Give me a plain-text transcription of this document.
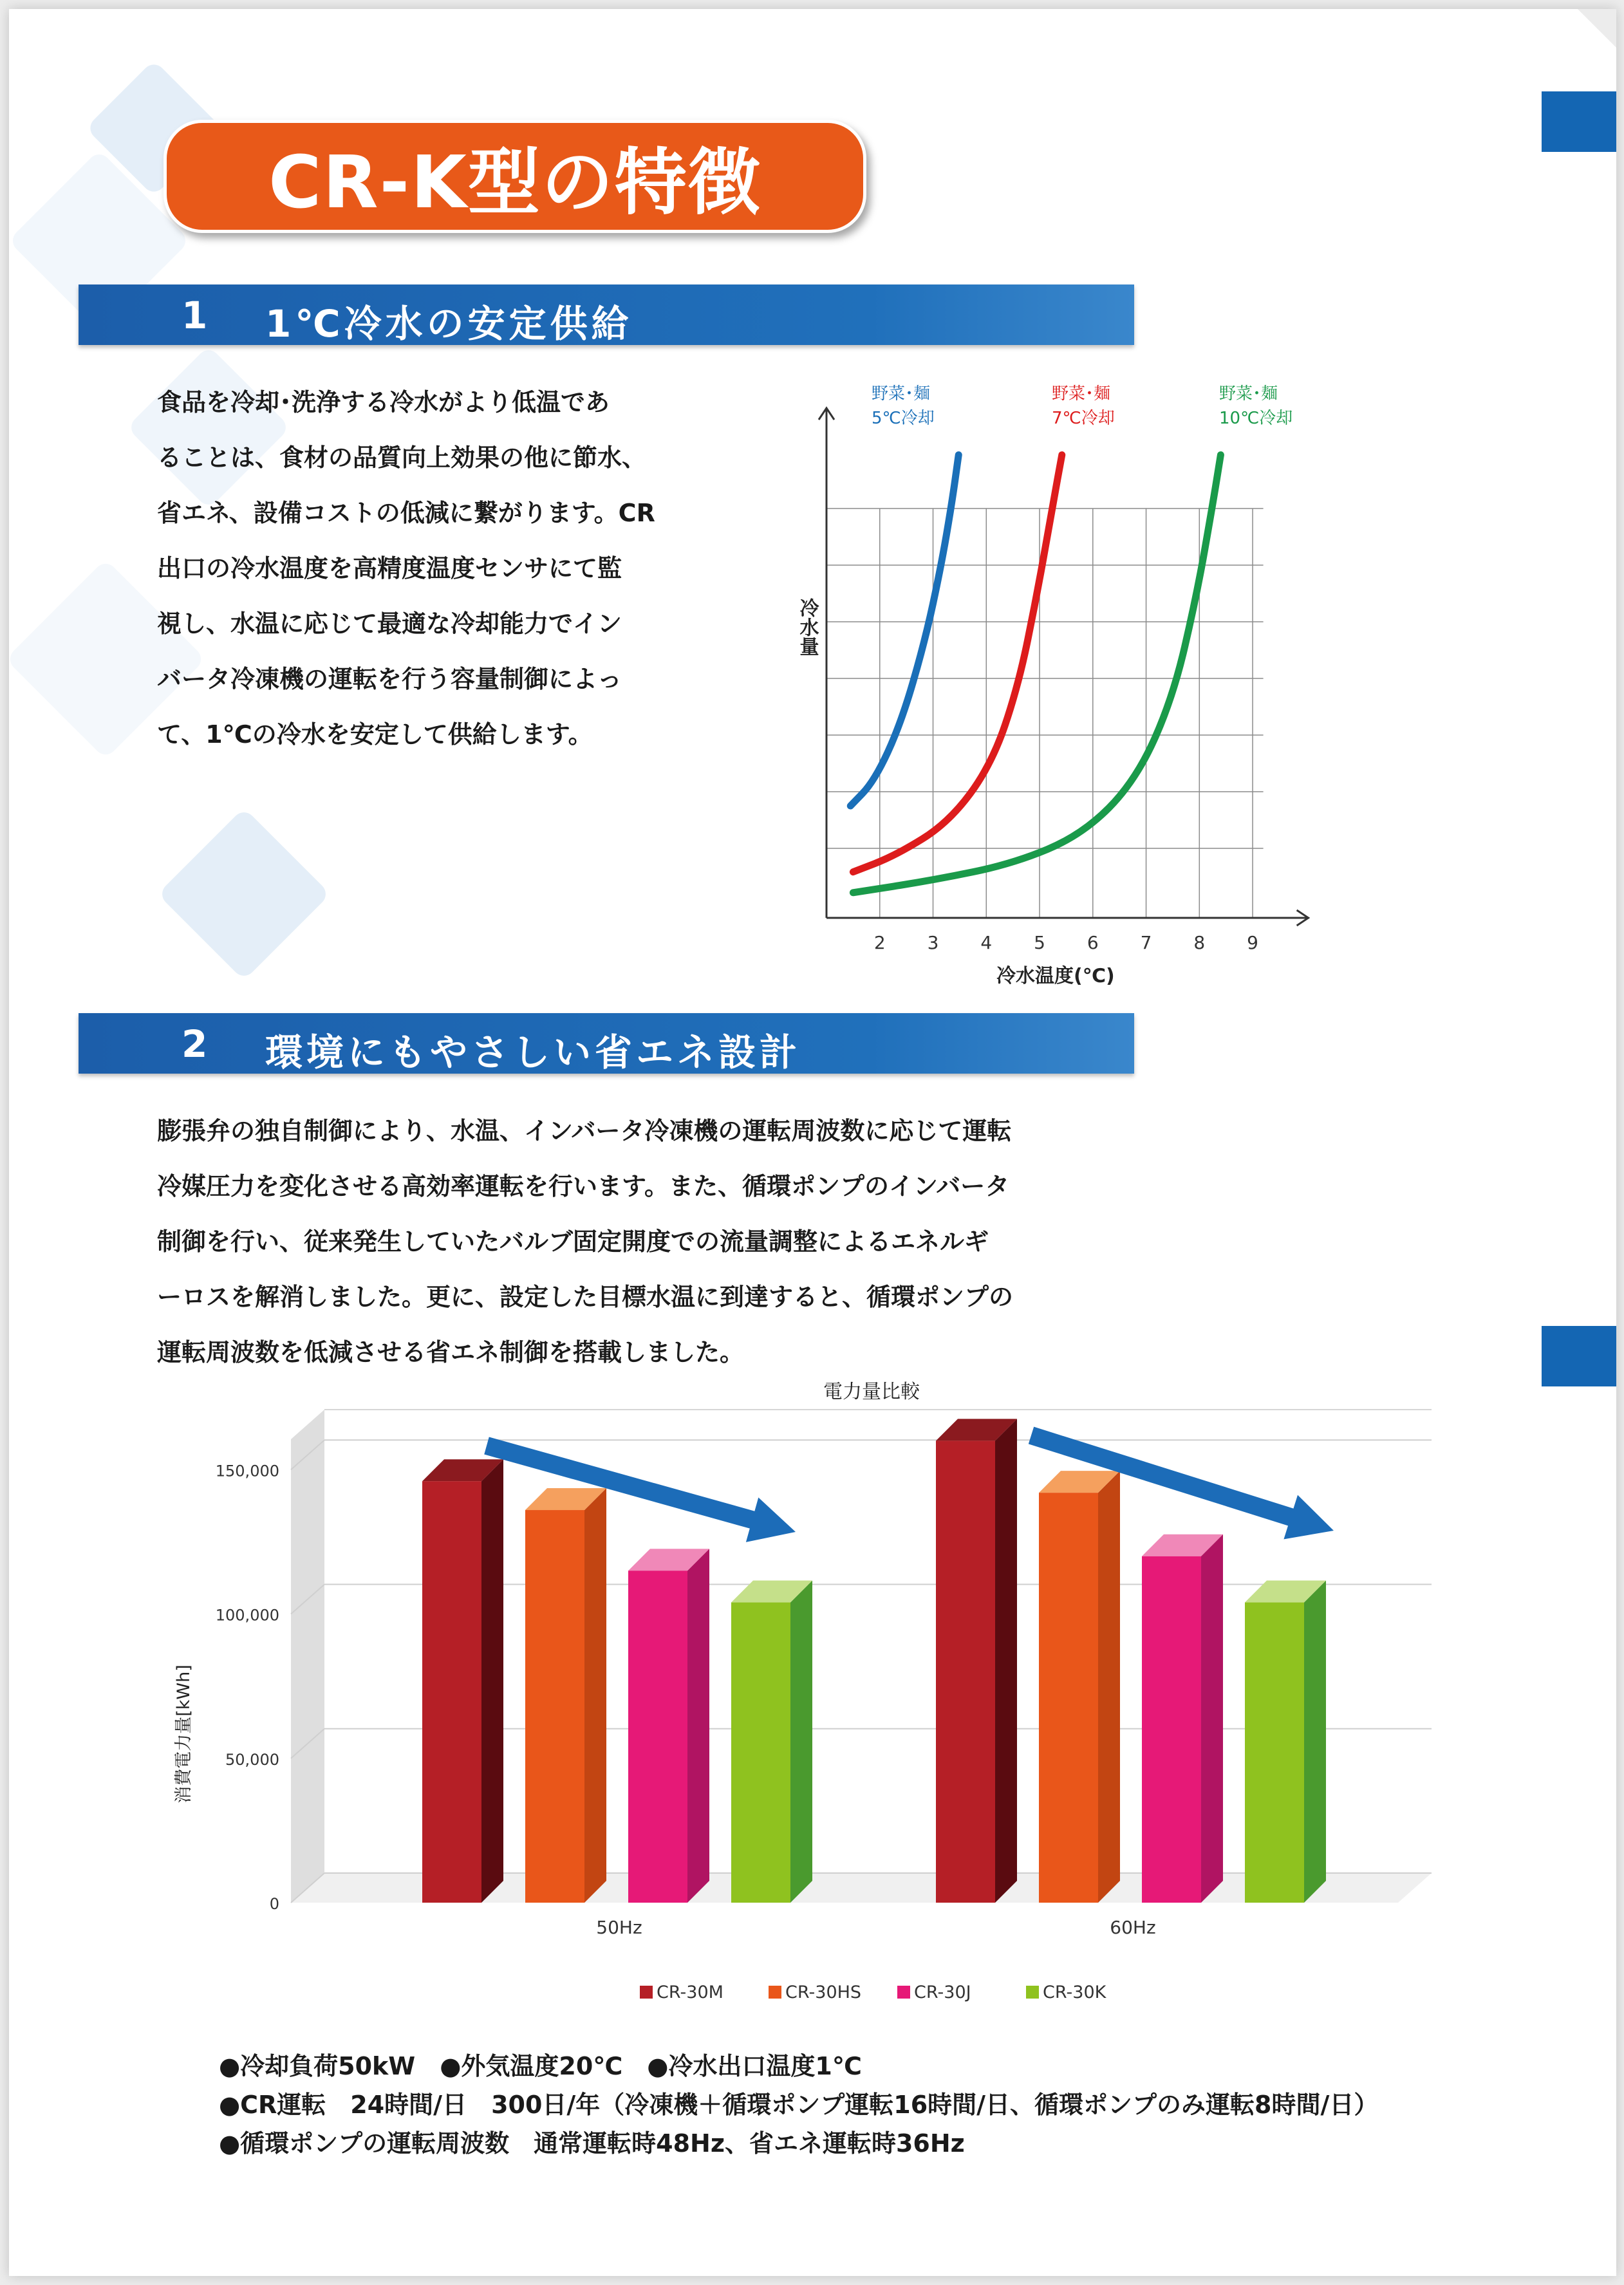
CR-K型の特徴
1 1℃冷水の安定供給

食品を冷却･洗浄する冷水がより低温であ
ることは、食材の品質向上効果の他に節水、
省エネ、設備コストの低減に繋がります。CR
出口の冷水温度を高精度温度センサにて監
視し、水温に応じて最適な冷却能力でイン
バータ冷凍機の運転を行う容量制御によっ
て、1℃の冷水を安定して供給します。

2 3 4 5 6 7 8 9
冷水温度(℃)
冷水量
野菜･麺
5℃冷却
野菜･麺
7℃冷却
野菜･麺
10℃冷却
2 環境にもやさしい省エネ設計

膨張弁の独自制御により、水温、インバータ冷凍機の運転周波数に応じて運転
冷媒圧力を変化させる高効率運転を行います。また、循環ポンプのインバータ
制御を行い、従来発生していたバルブ固定開度での流量調整によるエネルギ
ーロスを解消しました。更に、設定した目標水温に到達すると、循環ポンプの
運転周波数を低減させる省エネ制御を搭載しました。

0
50,000
100,000
150,000
電力量比較
消費電力量[kWh]
50Hz	60Hz
CR-30M	CR-30HS	CR-30J	CR-30K
●冷却負荷50kW　●外気温度20℃　●冷水出口温度1℃
●CR運転　24時間/日　300日/年（冷凍機＋循環ポンプ運転16時間/日、循環ポンプのみ運転8時間/日）
●循環ポンプの運転周波数　通常運転時48Hz、省エネ運転時36Hz
